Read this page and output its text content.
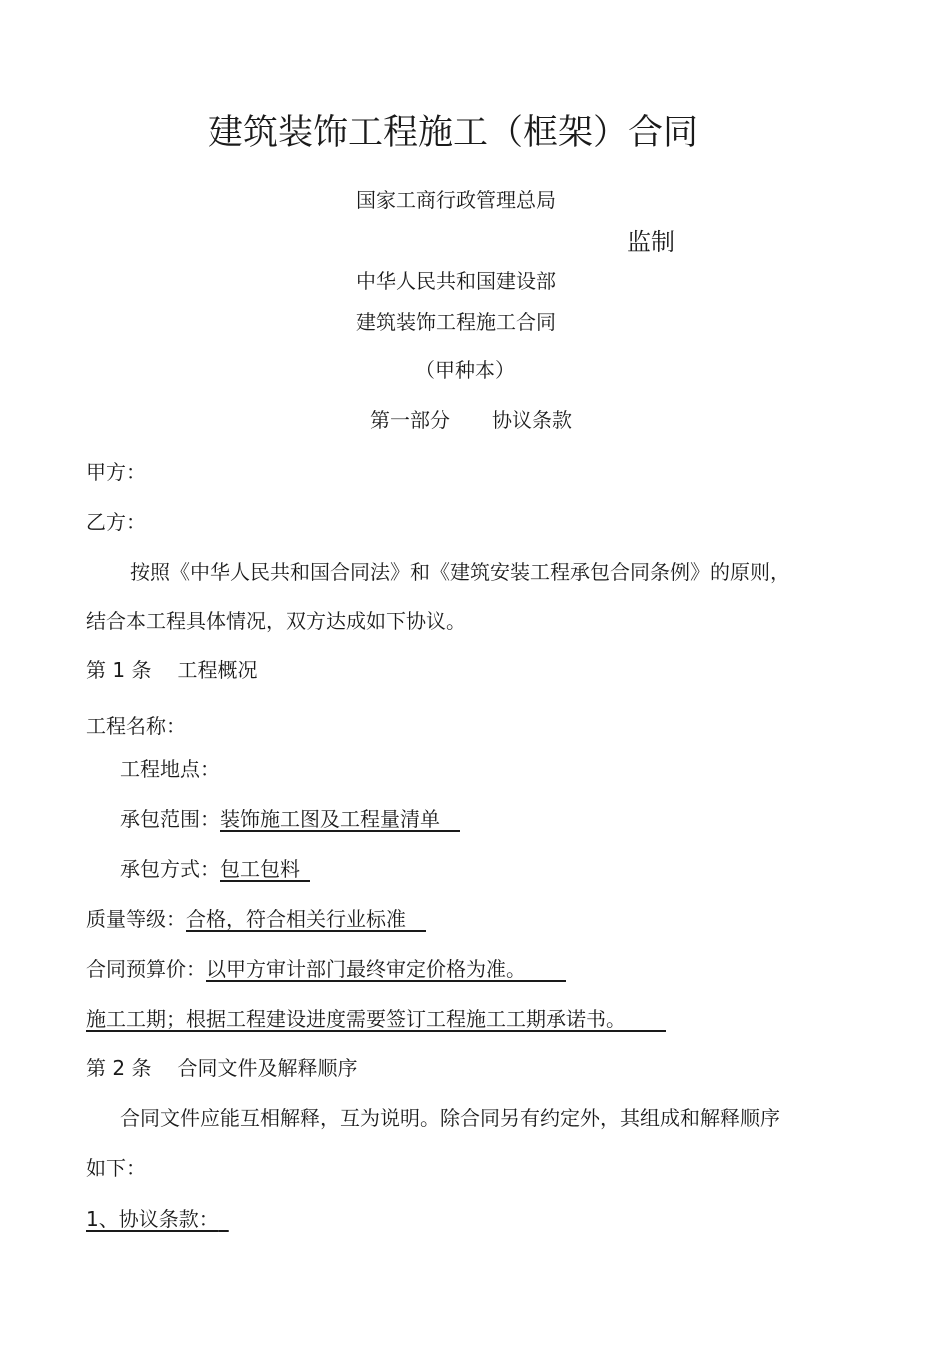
建筑装饰工程施工（框架）合同
国家工商行政管理总局
监制
中华人民共和国建设部
建筑装饰工程施工合同
（甲种本）
第一部分 协议条款
甲方：
乙方：
按照《中华人民共和国合同法》和《建筑安装工程承包合同条例》的原则，
结合本工程具体情况，双方达成如下协议。
第 1 条 工程概况
工程名称：
工程地点：
承包范围：装饰施工图及工程量清单 
承包方式：包工包料 
质量等级：合格，符合相关行业标准 
合同预算价：以甲方审计部门最终审定价格为准。  
施工工期；根据工程建设进度需要签订工程施工工期承诺书。  
第 2 条 合同文件及解释顺序
合同文件应能互相解释，互为说明。除合同另有约定外，其组成和解释顺序
如下：
1、协议条款： 
